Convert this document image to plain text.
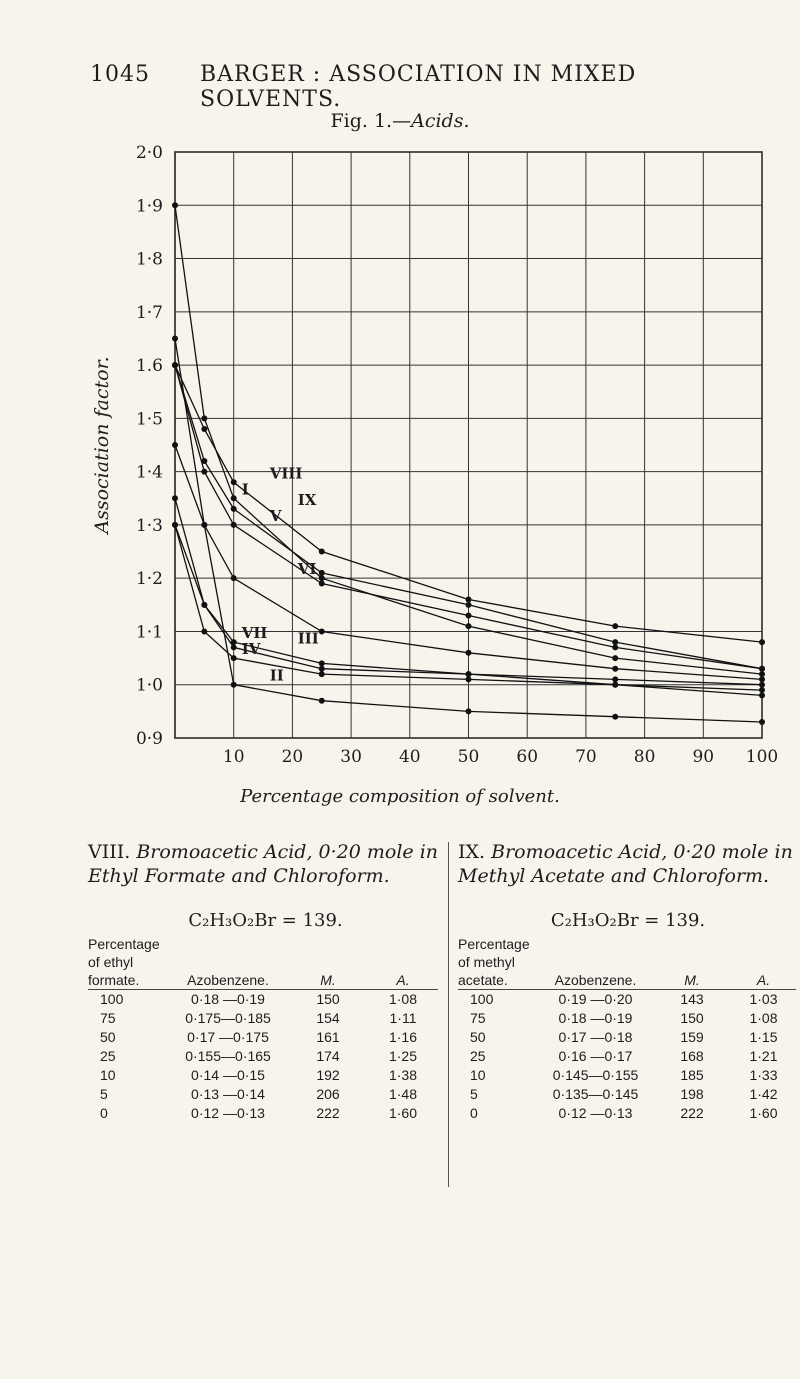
1045 BARGER : ASSOCIATION IN MIXED SOLVENTS.
Fig. 1.—Acids.
10 20 30 40 50 60 70 80 90 100
2·0
1·9
1·8
1·7
1.6
1·5
1·4
1·3
1·2
1·1
1·0
0·9
Association factor.	I
II
III
IV
V
VI
VII
VIII
IX
Percentage composition of solvent.
VIII. Bromoacetic Acid, 0·20 mole in Ethyl Formate and Chloroform.
C₂H₃O₂Br = 139.
Percentage
of ethyl
formate.	Azobenzene.	M.	A.

100	0·18 —0·19	150	1·08
75	0·175—0·185	154	1·11
50	0·17 —0·175	161	1·16
25	0·155—0·165	174	1·25
10	0·14 —0·15	192	1·38
5	0·13 —0·14	206	1·48
0	0·12 —0·13	222	1·60
IX. Bromoacetic Acid, 0·20 mole in Methyl Acetate and Chloroform.
C₂H₃O₂Br = 139.
Percentage
of methyl
acetate.	Azobenzene.	M.	A.

100	0·19 —0·20	143	1·03
75	0·18 —0·19	150	1·08
50	0·17 —0·18	159	1·15
25	0·16 —0·17	168	1·21
10	0·145—0·155	185	1·33
5	0·135—0·145	198	1·42
0	0·12 —0·13	222	1·60
